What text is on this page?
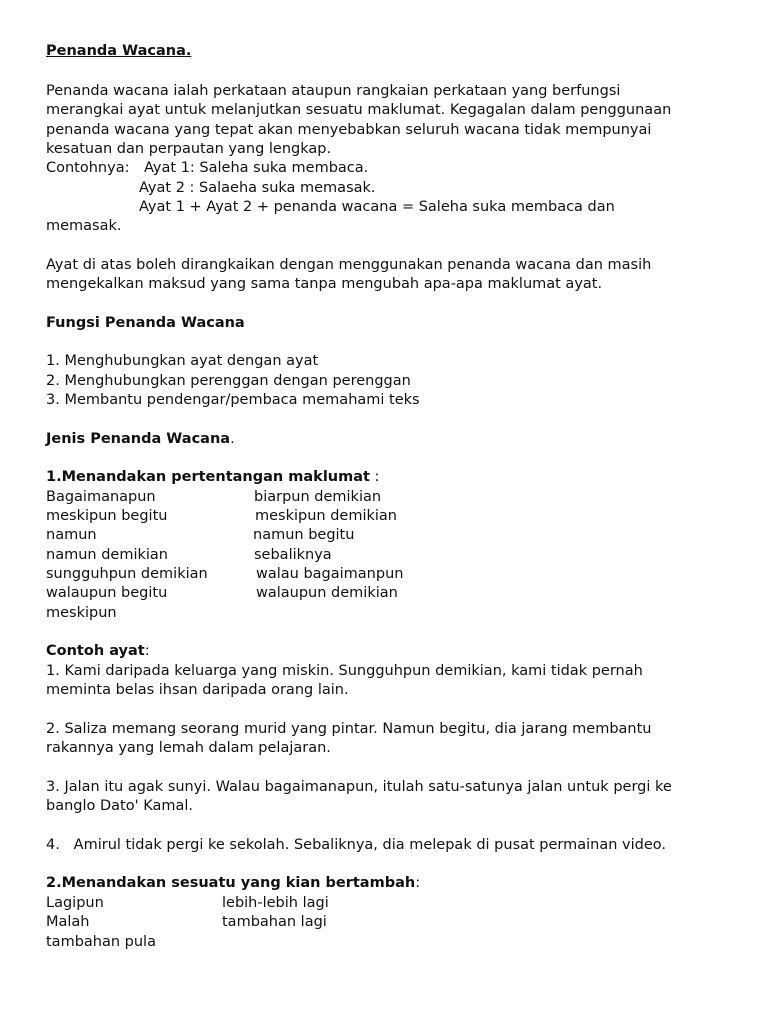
Penanda Wacana.
Penanda wacana ialah perkataan ataupun rangkaian perkataan yang berfungsi
merangkai ayat untuk melanjutkan sesuatu maklumat. Kegagalan dalam penggunaan
penanda wacana yang tepat akan menyebabkan seluruh wacana tidak mempunyai
kesatuan dan perpautan yang lengkap.
Contohnya: Ayat 1: Saleha suka membaca.
Ayat 2 : Salaeha suka memasak.
Ayat 1 + Ayat 2 + penanda wacana = Saleha suka membaca dan
memasak.
Ayat di atas boleh dirangkaikan dengan menggunakan penanda wacana dan masih
mengekalkan maksud yang sama tanpa mengubah apa-apa maklumat ayat.
Fungsi Penanda Wacana
1. Menghubungkan ayat dengan ayat
2. Menghubungkan perenggan dengan perenggan
3. Membantu pendengar/pembaca memahami teks
Jenis Penanda Wacana.
1.Menandakan pertentangan maklumat :
Bagaimanapun
meskipun begitu
namun
namun demikian
sungguhpun demikian
walaupun begitu
meskipun
biarpun demikian
meskipun demikian
namun begitu
sebaliknya
walau bagaimanpun
walaupun demikian
Contoh ayat:
1. Kami daripada keluarga yang miskin. Sungguhpun demikian, kami tidak pernah
meminta belas ihsan daripada orang lain.
2. Saliza memang seorang murid yang pintar. Namun begitu, dia jarang membantu
rakannya yang lemah dalam pelajaran.
3. Jalan itu agak sunyi. Walau bagaimanapun, itulah satu-satunya jalan untuk pergi ke
banglo Dato' Kamal.
4.   Amirul tidak pergi ke sekolah. Sebaliknya, dia melepak di pusat permainan video.
2.Menandakan sesuatu yang kian bertambah:
Lagipun
Malah
tambahan pula
lebih-lebih lagi
tambahan lagi
